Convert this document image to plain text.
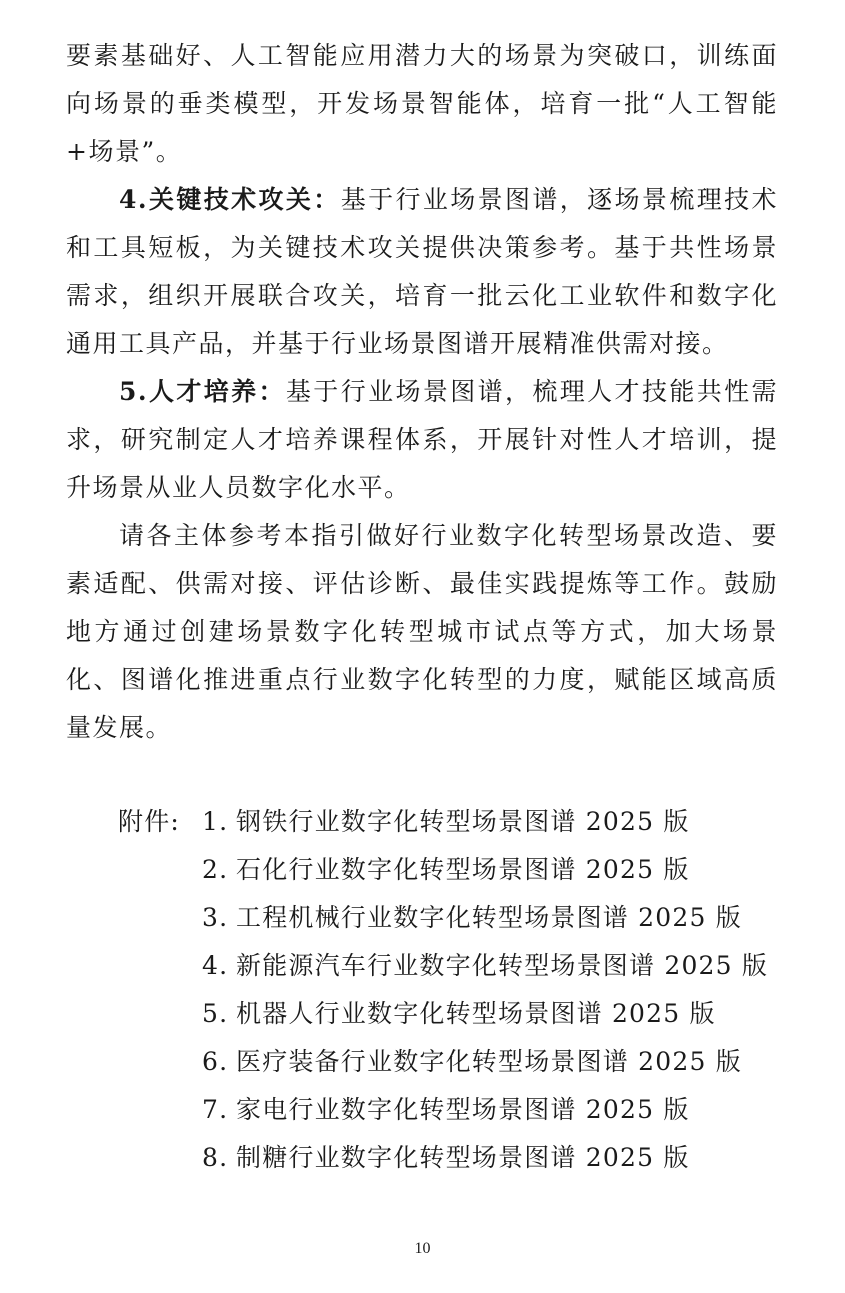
要素基础好、人工智能应用潜力大的场景为突破口，训练面向场景的垂类模型，开发场景智能体，培育一批“人工智能+场景”。

4.关键技术攻关：基于行业场景图谱，逐场景梳理技术和工具短板，为关键技术攻关提供决策参考。基于共性场景需求，组织开展联合攻关，培育一批云化工业软件和数字化通用工具产品，并基于行业场景图谱开展精准供需对接。

5.人才培养：基于行业场景图谱，梳理人才技能共性需求，研究制定人才培养课程体系，开展针对性人才培训，提升场景从业人员数字化水平。

请各主体参考本指引做好行业数字化转型场景改造、要素适配、供需对接、评估诊断、最佳实践提炼等工作。鼓励地方通过创建场景数字化转型城市试点等方式，加大场景化、图谱化推进重点行业数字化转型的力度，赋能区域高质量发展。

附件: 1. 钢铁行业数字化转型场景图谱 2025 版
2. 石化行业数字化转型场景图谱 2025 版
3. 工程机械行业数字化转型场景图谱 2025 版
4. 新能源汽车行业数字化转型场景图谱 2025 版
5. 机器人行业数字化转型场景图谱 2025 版
6. 医疗装备行业数字化转型场景图谱 2025 版
7. 家电行业数字化转型场景图谱 2025 版
8. 制糖行业数字化转型场景图谱 2025 版
10
